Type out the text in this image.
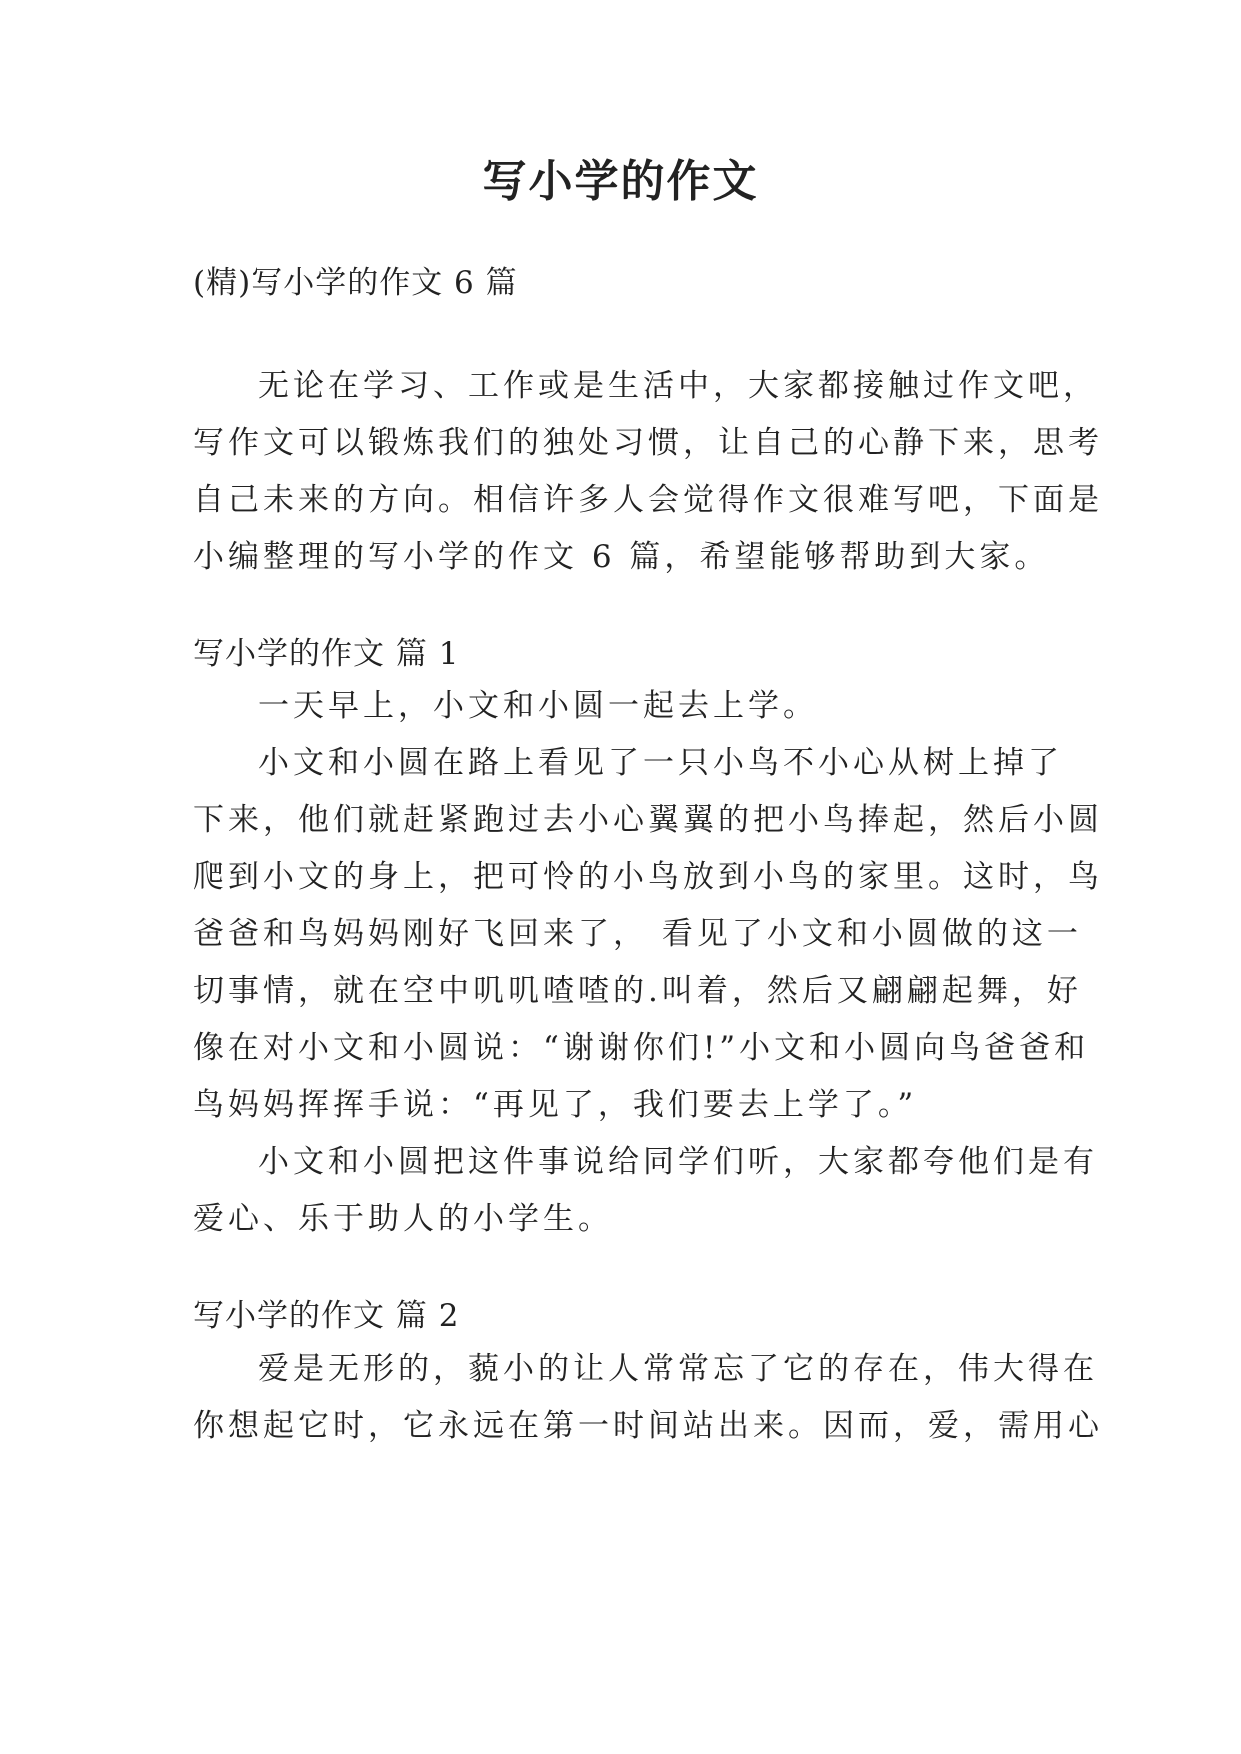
写小学的作文
(精)写小学的作文 6 篇
无论在学习、工作或是生活中，大家都接触过作文吧，
写作文可以锻炼我们的独处习惯，让自己的心静下来，思考
自己未来的方向。相信许多人会觉得作文很难写吧，下面是
小编整理的写小学的作文 6 篇，希望能够帮助到大家。
写小学的作文 篇 1
一天早上，小文和小圆一起去上学。
小文和小圆在路上看见了一只小鸟不小心从树上掉了
下来，他们就赶紧跑过去小心翼翼的把小鸟捧起，然后小圆
爬到小文的身上，把可怜的小鸟放到小鸟的家里。这时，鸟
爸爸和鸟妈妈刚好飞回来了， 看见了小文和小圆做的这一
切事情，就在空中叽叽喳喳的.叫着，然后又翩翩起舞，好
像在对小文和小圆说：“谢谢你们!”小文和小圆向鸟爸爸和
鸟妈妈挥挥手说：“再见了，我们要去上学了。”
小文和小圆把这件事说给同学们听，大家都夸他们是有
爱心、乐于助人的小学生。
写小学的作文 篇 2
爱是无形的，藐小的让人常常忘了它的存在，伟大得在
你想起它时，它永远在第一时间站出来。因而，爱，需用心
